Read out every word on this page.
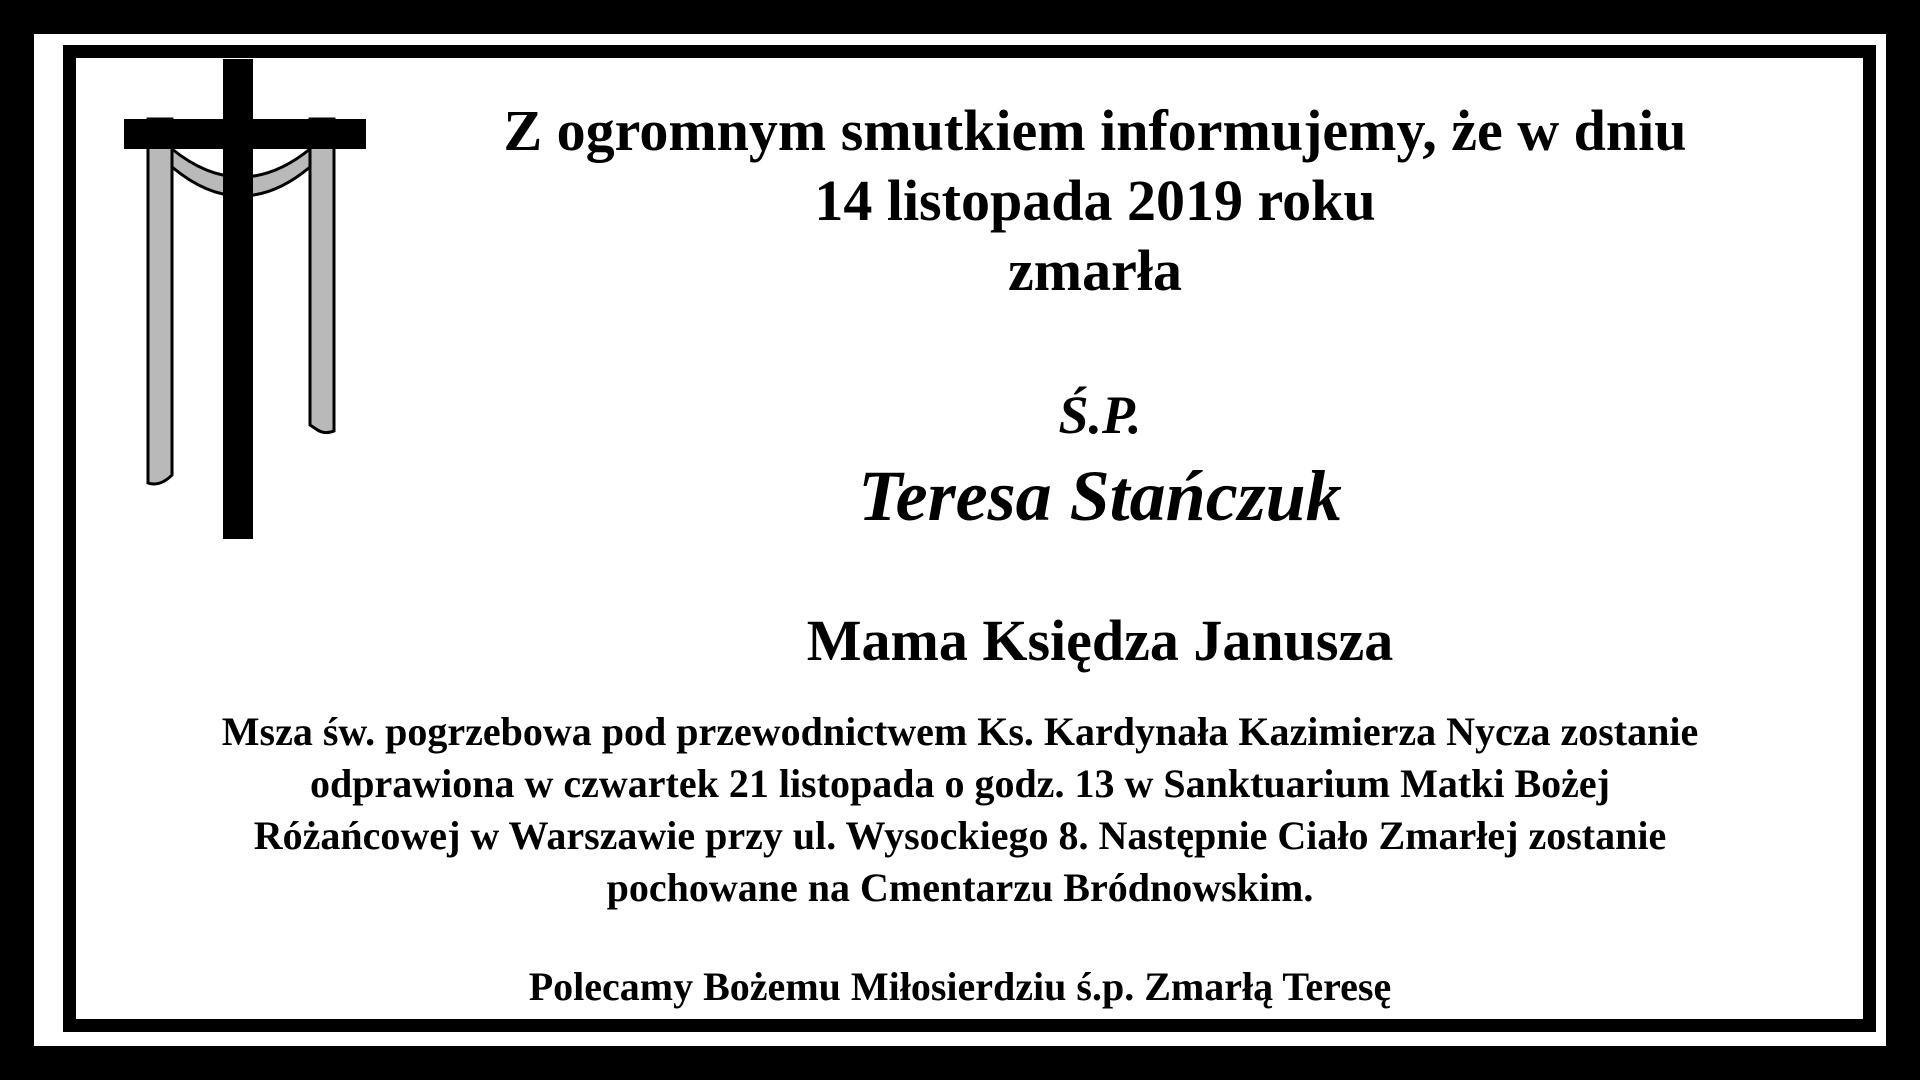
Z ogromnym smutkiem informujemy, że w dniu

14 listopada 2019 roku

zmarła

Ś.P.

Teresa Stańczuk

Mama Księdza Janusza

Msza św. pogrzebowa pod przewodnictwem Ks. Kardynała Kazimierza Nycza zostanie

odprawiona w czwartek 21 listopada o godz. 13 w Sanktuarium Matki Bożej

Różańcowej w Warszawie przy ul. Wysockiego 8. Następnie Ciało Zmarłej zostanie

pochowane na Cmentarzu Bródnowskim.

Polecamy Bożemu Miłosierdziu ś.p. Zmarłą Teresę
